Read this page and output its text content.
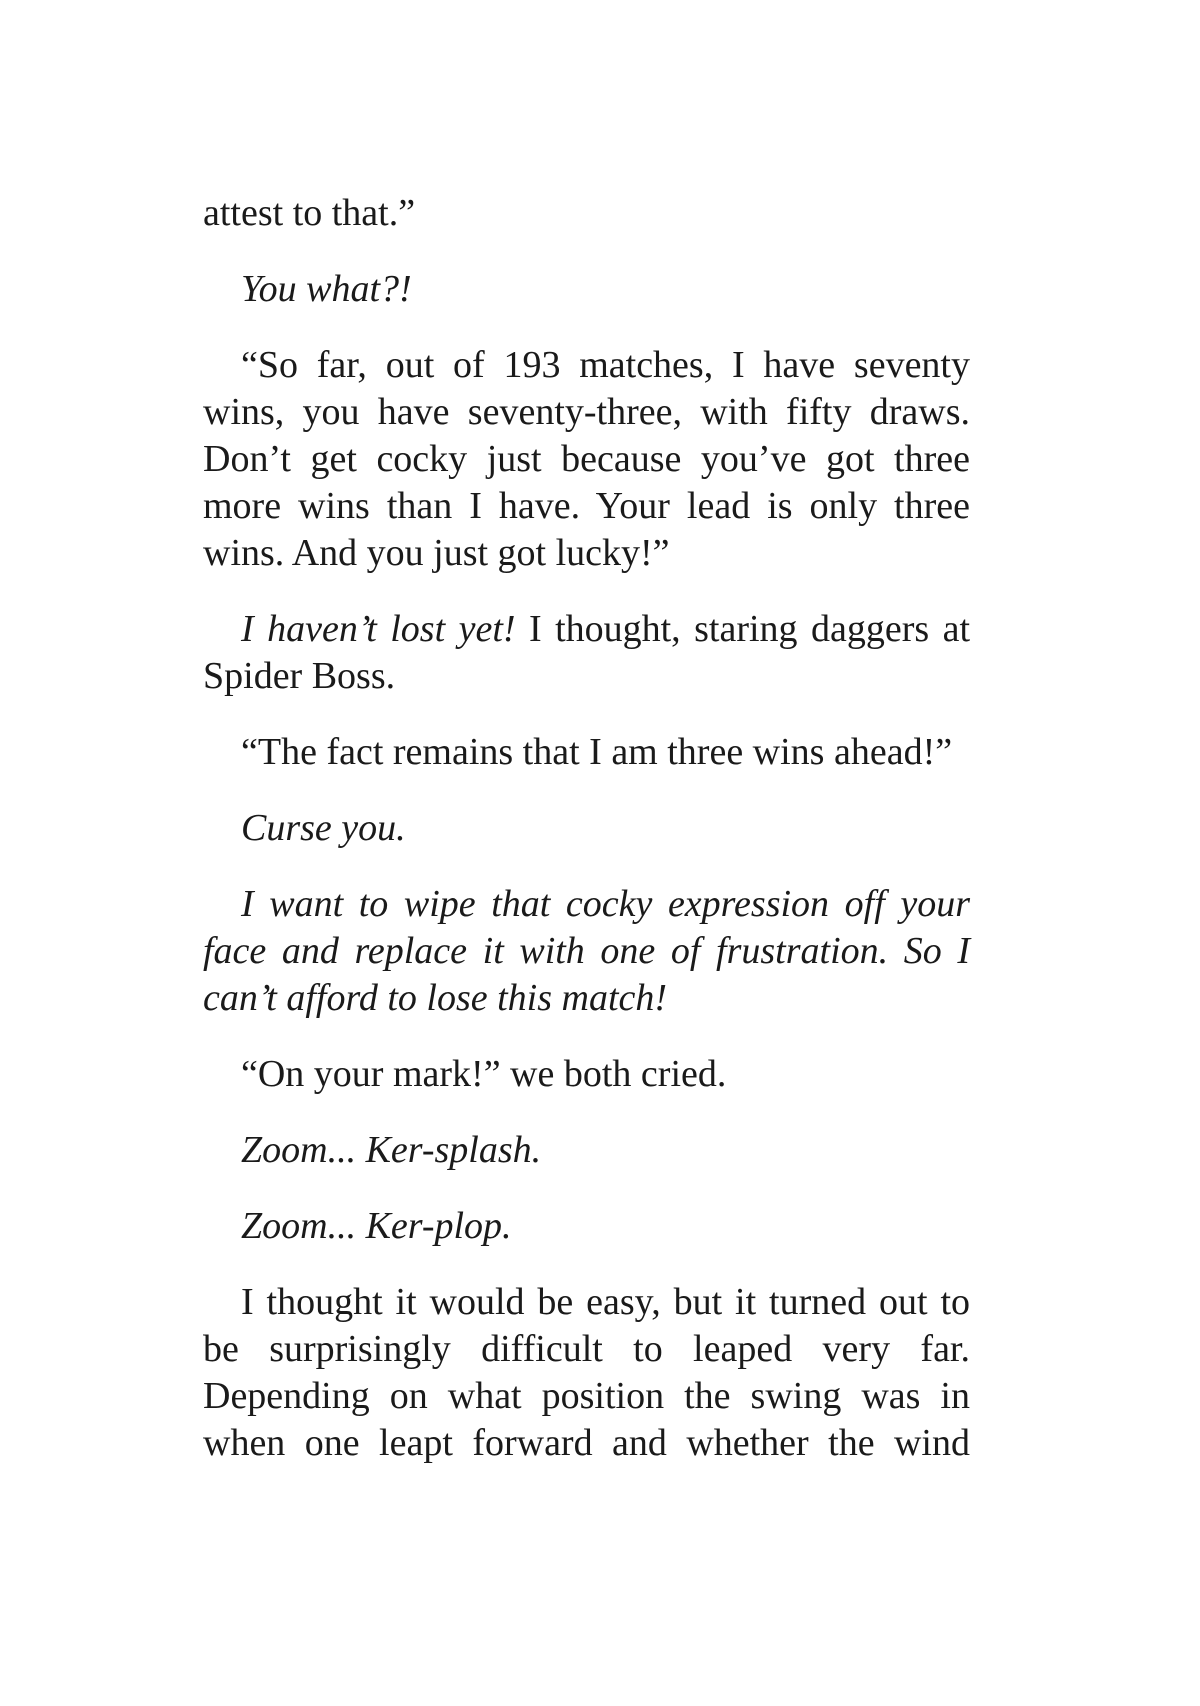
attest to that.”

You what?!

“So far, out of 193 matches, I have seventy wins, you have seventy-three, with fifty draws. Don’t get cocky just because you’ve got three more wins than I have. Your lead is only three wins. And you just got lucky!”

I haven’t lost yet! I thought, staring daggers at Spider Boss.

“The fact remains that I am three wins ahead!”

Curse you.

I want to wipe that cocky expression off your face and replace it with one of frustration. So I can’t afford to lose this match!

“On your mark!” we both cried.

Zoom... Ker-splash.

Zoom... Ker-plop.

I thought it would be easy, but it turned out to be surprisingly difficult to leaped very far. Depending on what position the swing was in when one leapt forward and whether the wind
